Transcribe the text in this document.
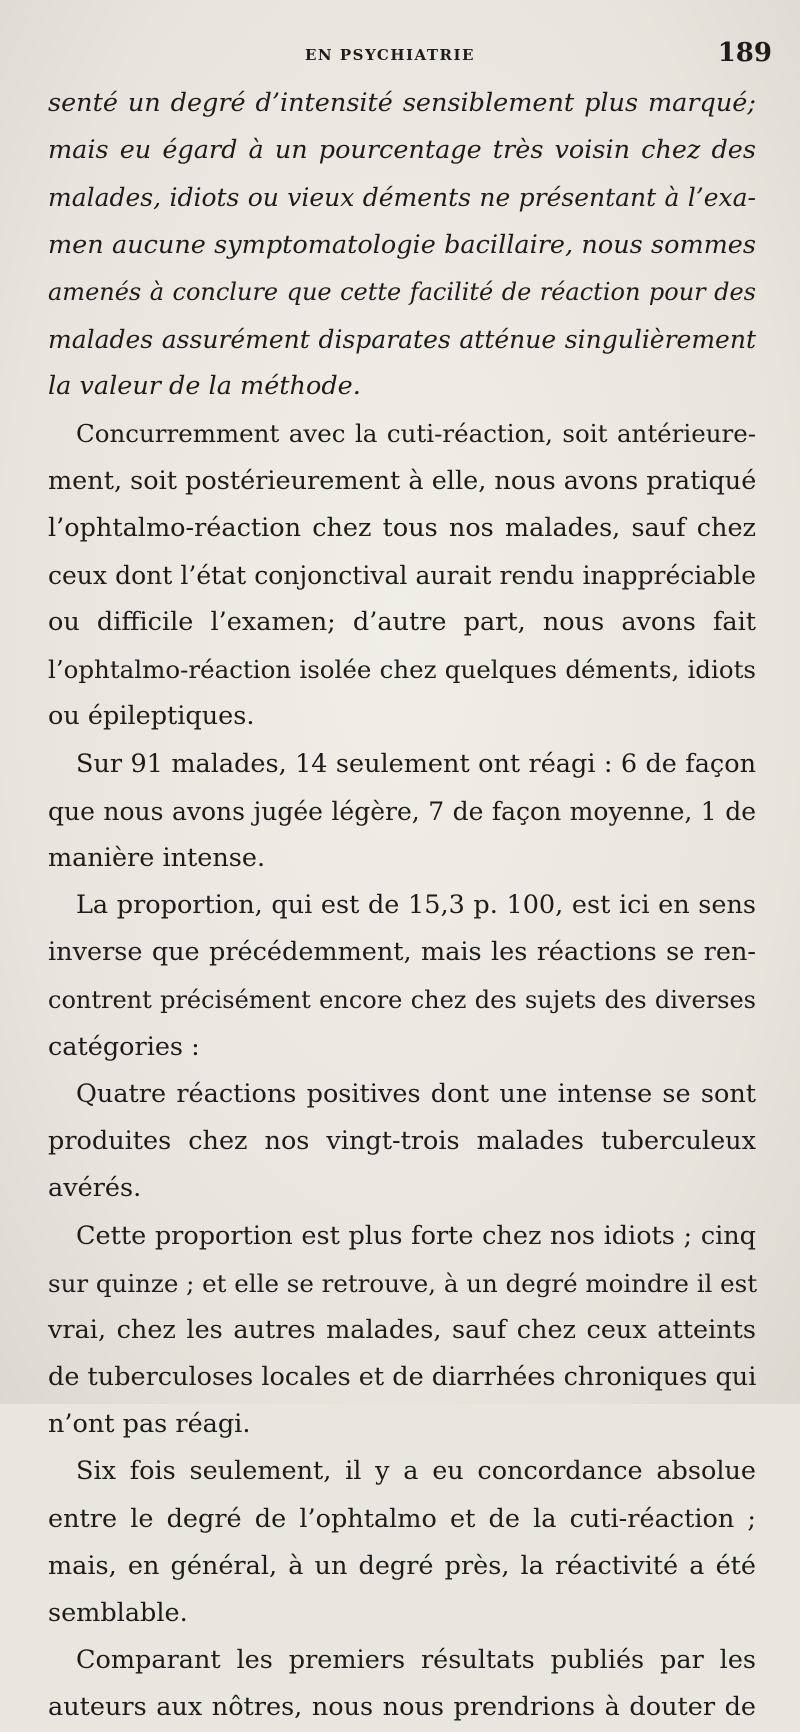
EN PSYCHIATRIE	189
senté un degré d’intensité sensiblement plus marqué;
mais eu égard à un pourcentage très voisin chez des
malades, idiots ou vieux déments ne présentant à l’exa-
men aucune symptomatologie bacillaire, nous sommes
amenés à conclure que cette facilité de réaction pour des
malades assurément disparates atténue singulièrement
la valeur de la méthode.
Concurremment avec la cuti-réaction, soit antérieure-
ment, soit postérieurement à elle, nous avons pratiqué
l’ophtalmo-réaction chez tous nos malades, sauf chez
ceux dont l’état conjonctival aurait rendu inappréciable
ou difficile l’examen; d’autre part, nous avons fait
l’ophtalmo-réaction isolée chez quelques déments, idiots
ou épileptiques.
Sur 91 malades, 14 seulement ont réagi : 6 de façon
que nous avons jugée légère, 7 de façon moyenne, 1 de
manière intense.
La proportion, qui est de 15,3 p. 100, est ici en sens
inverse que précédemment, mais les réactions se ren-
contrent précisément encore chez des sujets des diverses
catégories :
Quatre réactions positives dont une intense se sont
produites chez nos vingt-trois malades tuberculeux
avérés.
Cette proportion est plus forte chez nos idiots ; cinq
sur quinze ; et elle se retrouve, à un degré moindre il est
vrai, chez les autres malades, sauf chez ceux atteints
de tuberculoses locales et de diarrhées chroniques qui
n’ont pas réagi.
Six fois seulement, il y a eu concordance absolue
entre le degré de l’ophtalmo et de la cuti-réaction ;
mais, en général, à un degré près, la réactivité a été
semblable.
Comparant les premiers résultats publiés par les
auteurs aux nôtres, nous nous prendrions à douter de
